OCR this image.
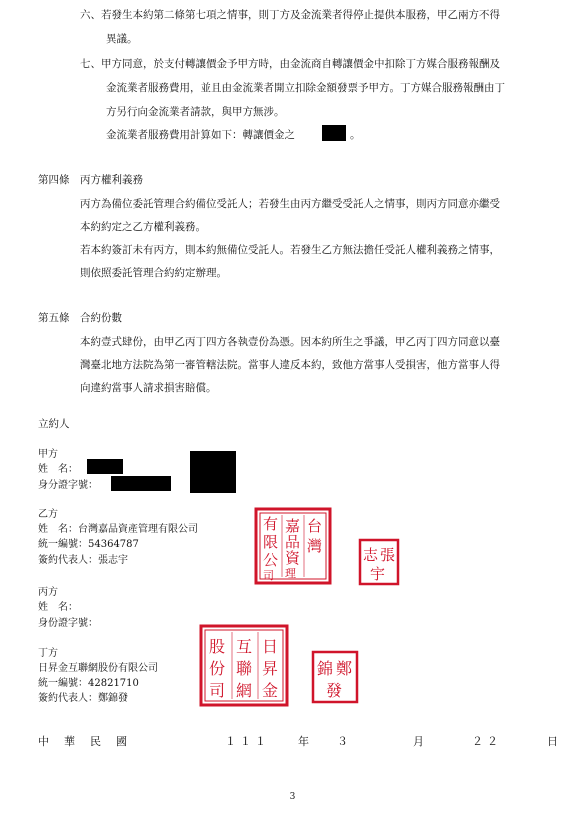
六、若發生本約第二條第七項之情事，則丁方及金流業者得停止提供本服務，甲乙兩方不得
異議。
七、甲方同意，於支付轉讓價金予甲方時，由金流商自轉讓價金中扣除丁方媒合服務報酬及
金流業者服務費用，並且由金流業者開立扣除金額發票予甲方。丁方媒合服務報酬由丁
方另行向金流業者請款，與甲方無涉。
金流業者服務費用計算如下：轉讓價金之	。
第四條　丙方權利義務
丙方為備位委託管理合約備位受託人；若發生由丙方繼受受託人之情事，則丙方同意亦繼受
本約約定之乙方權利義務。
若本約簽訂未有丙方，則本約無備位受託人。若發生乙方無法擔任受託人權利義務之情事，
則依照委託管理合約約定辦理。
第五條　合約份數
本約壹式肆份，由甲乙丙丁四方各執壹份為憑。因本約所生之爭議，甲乙丙丁四方同意以臺
灣臺北地方法院為第一審管轄法院。當事人違反本約，致他方當事人受損害，他方當事人得
向違約當事人請求損害賠償。
立約人
甲方
姓　名：
身分證字號：
乙方
姓　名：台灣嘉品資產管理有限公司
統一編號：54364787
簽約代表人：張志宇
丙方
姓　名：
身份證字號：
丁方
日昇金互聯網股份有限公司
統一編號：42821710
簽約代表人：鄭錦發
台
灣
嘉
品
資
有
限
公
理
司
張
志
宇
日
昇
金
互
聯
網
股
份
司
鄭
錦
發
中 華 民 國	１１１	年	３	月	２２	日
3
